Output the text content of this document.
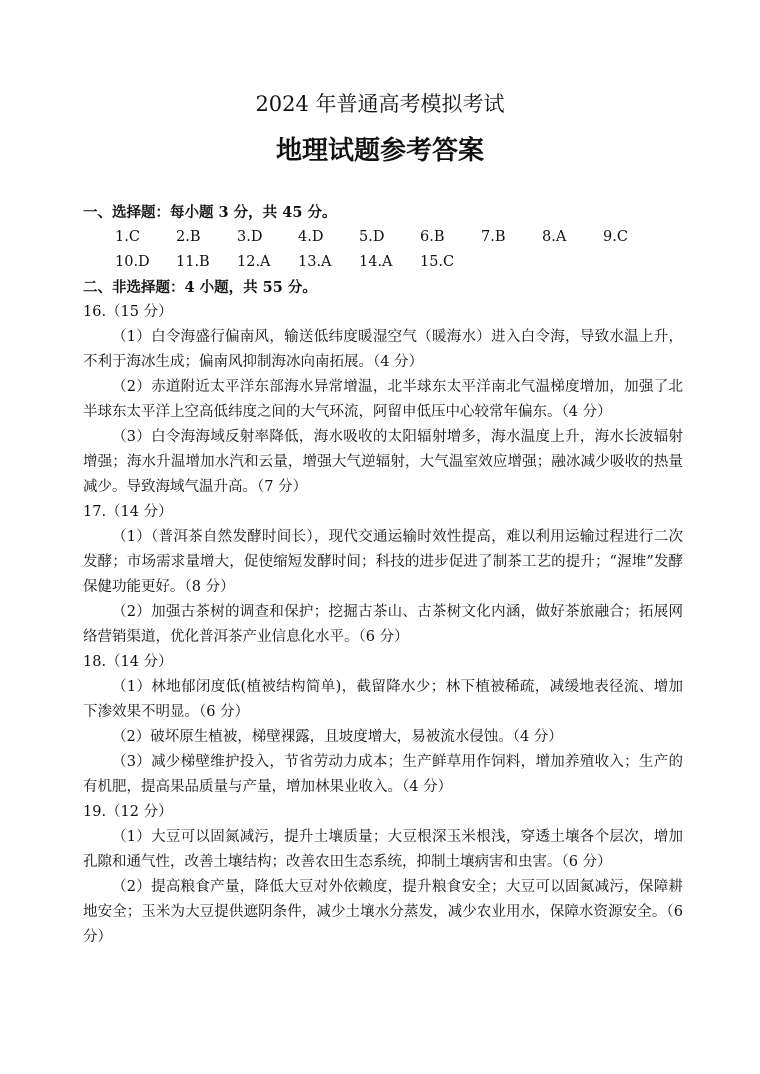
2024 年普通高考模拟考试
地理试题参考答案
一、选择题：每小题 3 分，共 45 分。
1.C	2.B	3.D	4.D	5.D	6.B	7.B	8.A	9.C
10.D	11.B	12.A	13.A	14.A	15.C
二、非选择题：4 小题，共 55 分。
16.（15 分）
（1）白令海盛行偏南风，输送低纬度暖湿空气（暖海水）进入白令海，导致水温上升，不利于海冰生成；偏南风抑制海冰向南拓展。（4 分）
（2）赤道附近太平洋东部海水异常增温，北半球东太平洋南北气温梯度增加，加强了北半球东太平洋上空高低纬度之间的大气环流，阿留申低压中心较常年偏东。（4 分）
（3）白令海海域反射率降低，海水吸收的太阳辐射增多，海水温度上升，海水长波辐射增强；海水升温增加水汽和云量，增强大气逆辐射，大气温室效应增强；融冰减少吸收的热量减少。导致海域气温升高。（7 分）
17.（14 分）
（1）（普洱茶自然发酵时间长），现代交通运输时效性提高，难以利用运输过程进行二次发酵；市场需求量增大，促使缩短发酵时间；科技的进步促进了制茶工艺的提升；“渥堆”发酵保健功能更好。（8 分）
（2）加强古茶树的调查和保护；挖掘古茶山、古茶树文化内涵，做好茶旅融合；拓展网络营销渠道，优化普洱茶产业信息化水平。（6 分）
18.（14 分）
（1）林地郁闭度低(植被结构简单)，截留降水少；林下植被稀疏，减缓地表径流、增加下渗效果不明显。（6 分）
（2）破坏原生植被，梯壁裸露，且坡度增大，易被流水侵蚀。（4 分）
（3）减少梯壁维护投入，节省劳动力成本；生产鲜草用作饲料，增加养殖收入；生产的有机肥，提高果品质量与产量，增加林果业收入。（4 分）
19.（12 分）
（1）大豆可以固氮减污，提升土壤质量；大豆根深玉米根浅，穿透土壤各个层次，增加孔隙和通气性，改善土壤结构；改善农田生态系统，抑制土壤病害和虫害。（6 分）
（2）提高粮食产量，降低大豆对外依赖度，提升粮食安全；大豆可以固氮减污，保障耕地安全；玉米为大豆提供遮阴条件，减少土壤水分蒸发，减少农业用水，保障水资源安全。（6 分）
